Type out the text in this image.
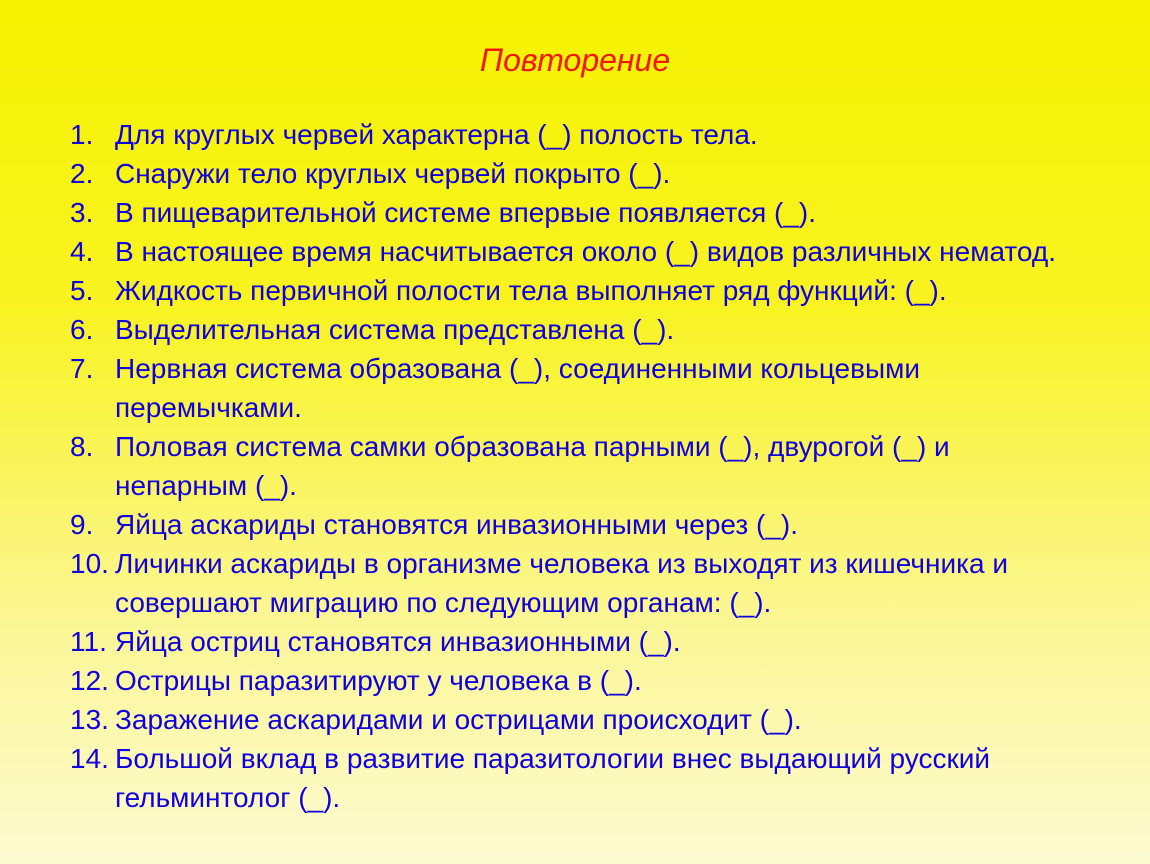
Повторение
1. Для круглых червей характерна (_) полость тела.
2. Снаружи тело круглых червей покрыто (_).
3. В пищеварительной системе впервые появляется (_).
4. В настоящее время насчитывается около (_) видов различных нематод.
5. Жидкость первичной полости тела выполняет ряд функций: (_).
6. Выделительная система представлена (_).
7. Нервная система образована (_), соединенными кольцевыми перемычками.
8. Половая система самки образована парными (_), двурогой (_) и непарным (_).
9. Яйца аскариды становятся инвазионными через (_).
10. Личинки аскариды в организме человека из выходят из кишечника и совершают миграцию по следующим органам: (_).
11. Яйца остриц становятся инвазионными (_).
12. Острицы паразитируют у человека в (_).
13. Заражение аскаридами и острицами происходит (_).
14. Большой вклад в развитие паразитологии внес выдающий русский гельминтолог (_).
